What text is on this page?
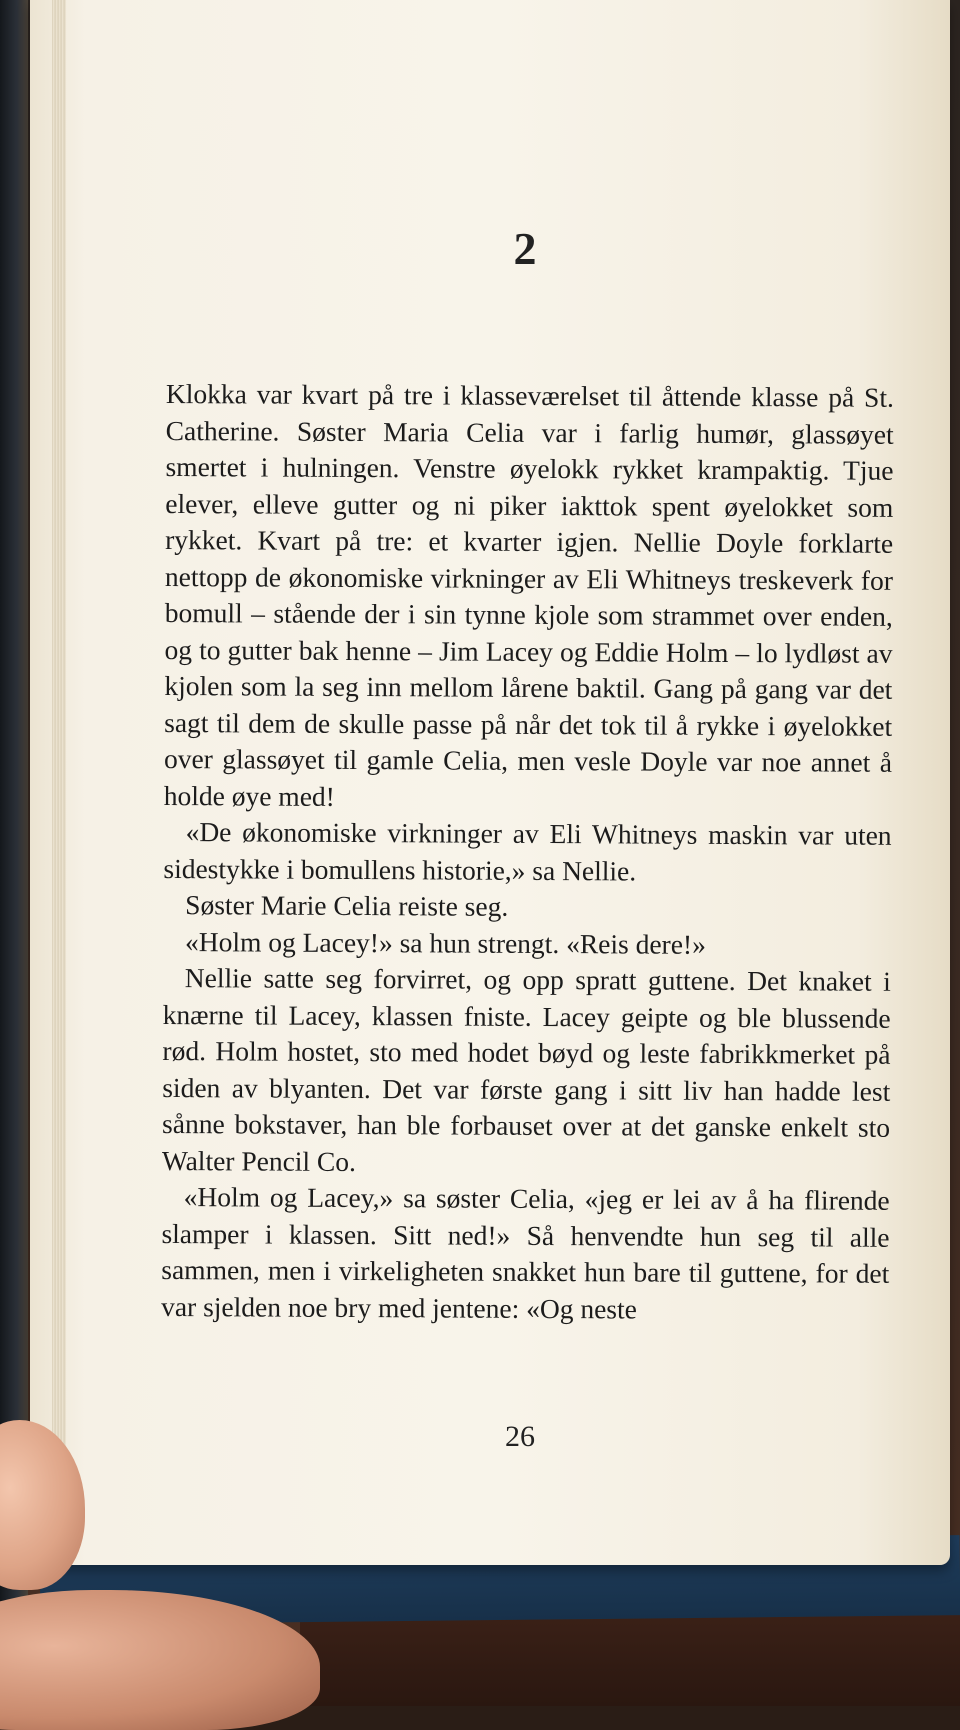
2

Klokka var kvart på tre i klasseværelset til åttende klasse på St. Catherine. Søster Maria Celia var i farlig humør, glassøyet smertet i hulningen. Venstre øyelokk rykket krampaktig. Tjue elever, elleve gutter og ni piker iakttok spent øyelokket som rykket. Kvart på tre: et kvarter igjen. Nellie Doyle forklarte nettopp de økonomiske virkninger av Eli Whitneys treskeverk for bomull – stående der i sin tynne kjole som strammet over enden, og to gutter bak henne – Jim Lacey og Eddie Holm – lo lydløst av kjolen som la seg inn mellom lårene baktil. Gang på gang var det sagt til dem de skulle passe på når det tok til å rykke i øyelokket over glassøyet til gamle Celia, men vesle Doyle var noe annet å holde øye med!

«De økonomiske virkninger av Eli Whitneys maskin var uten sidestykke i bomullens historie,» sa Nellie.

Søster Marie Celia reiste seg.

«Holm og Lacey!» sa hun strengt. «Reis dere!»

Nellie satte seg forvirret, og opp spratt guttene. Det knaket i knærne til Lacey, klassen fniste. Lacey geipte og ble blussende rød. Holm hostet, sto med hodet bøyd og leste fabrikkmerket på siden av blyanten. Det var første gang i sitt liv han hadde lest sånne bokstaver, han ble forbauset over at det ganske enkelt sto Walter Pencil Co.

«Holm og Lacey,» sa søster Celia, «jeg er lei av å ha flirende slamper i klassen. Sitt ned!» Så henvendte hun seg til alle sammen, men i virkeligheten snakket hun bare til guttene, for det var sjelden noe bry med jentene: «Og neste

26
